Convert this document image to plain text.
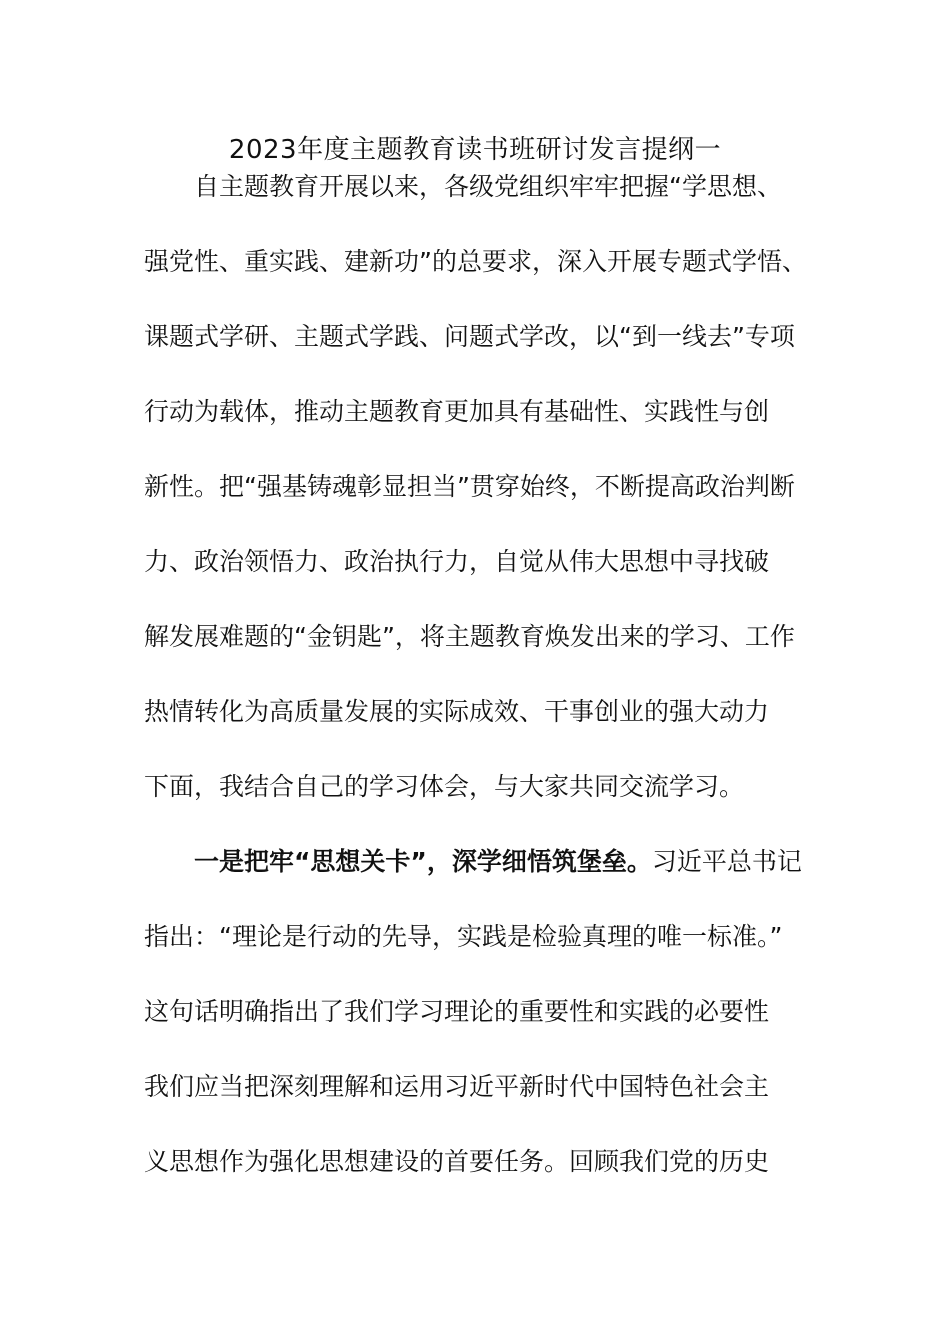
2023年度主题教育读书班研讨发言提纲一
自主题教育开展以来，各级党组织牢牢把握“学思想、
强党性、重实践、建新功”的总要求，深入开展专题式学悟、
课题式学研、主题式学践、问题式学改，以“到一线去”专项
行动为载体，推动主题教育更加具有基础性、实践性与创
新性。把“强基铸魂彰显担当”贯穿始终，不断提高政治判断
力、政治领悟力、政治执行力，自觉从伟大思想中寻找破
解发展难题的“金钥匙”，将主题教育焕发出来的学习、工作
热情转化为高质量发展的实际成效、干事创业的强大动力
下面，我结合自己的学习体会，与大家共同交流学习。
一是把牢“思想关卡”，深学细悟筑堡垒。习近平总书记
指出：“理论是行动的先导，实践是检验真理的唯一标准。”
这句话明确指出了我们学习理论的重要性和实践的必要性
我们应当把深刻理解和运用习近平新时代中国特色社会主
义思想作为强化思想建设的首要任务。回顾我们党的历史
